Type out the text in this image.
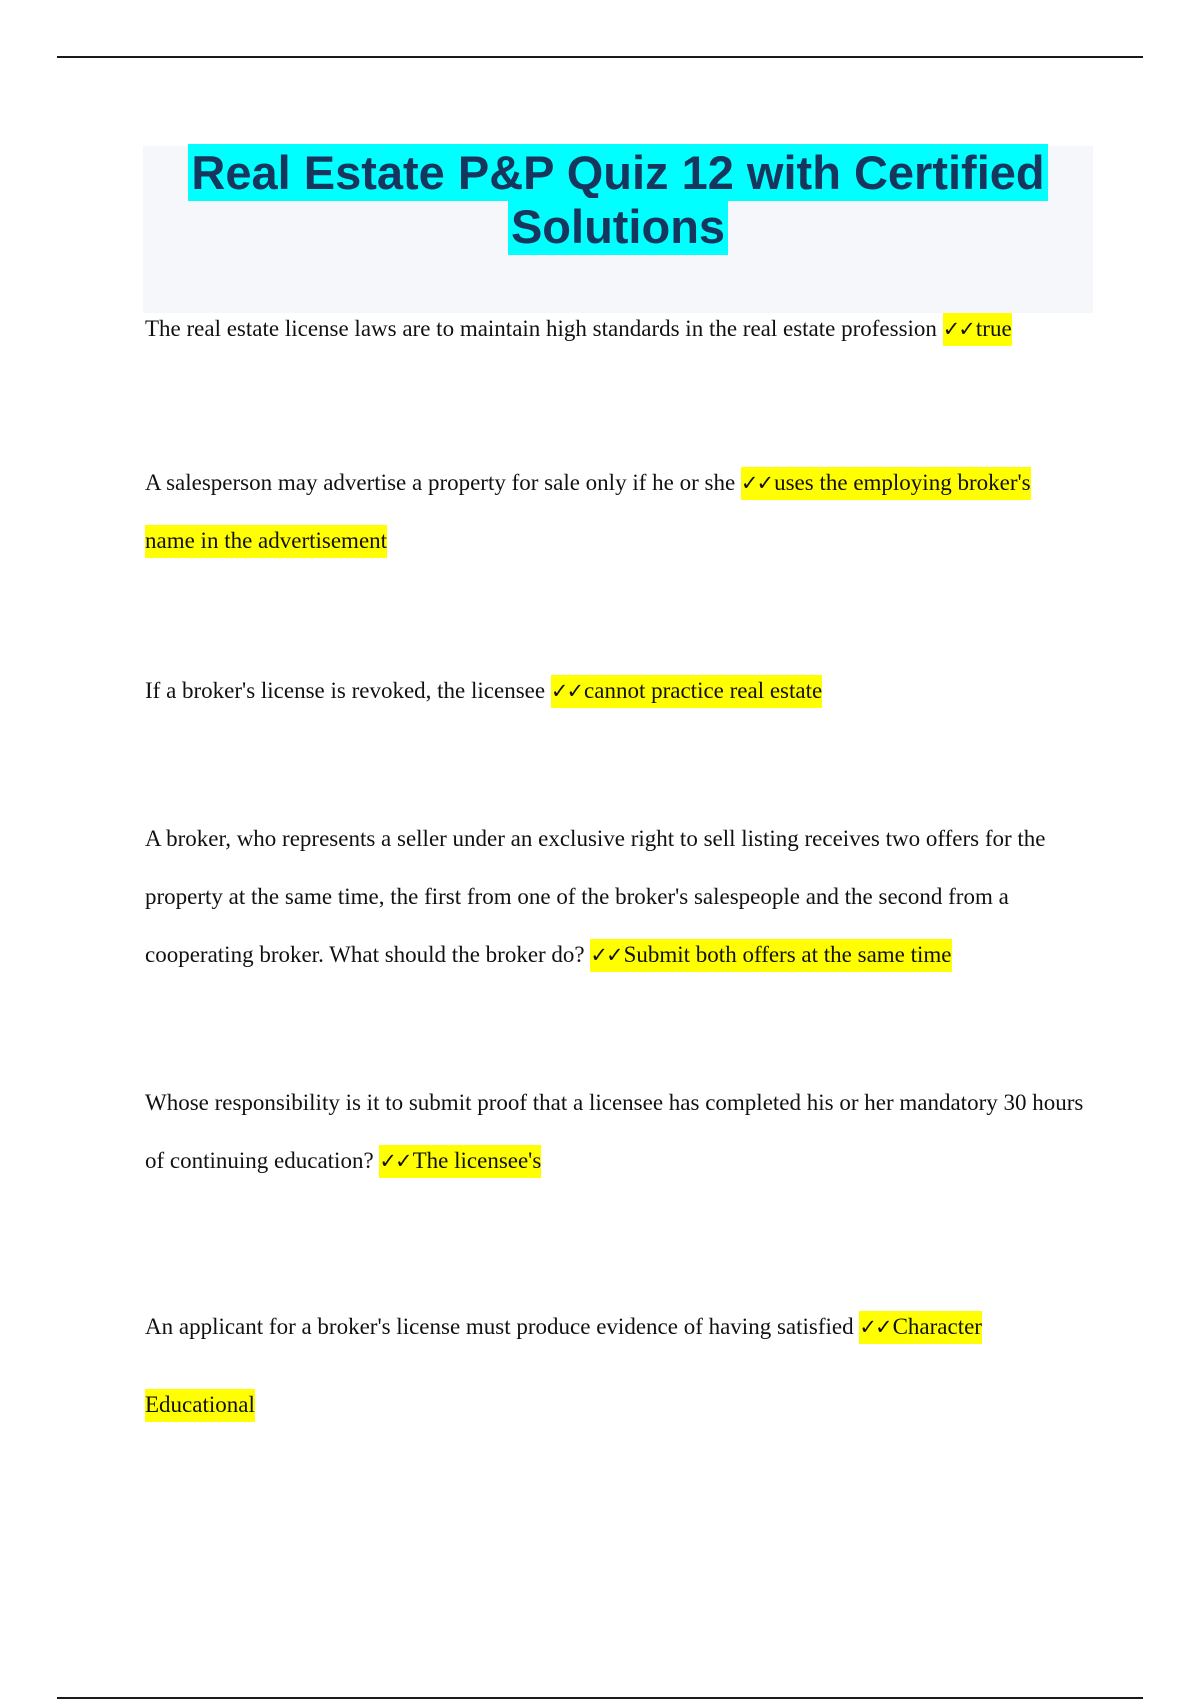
Real Estate P&P Quiz 12 with Certified Solutions

The real estate license laws are to maintain high standards in the real estate profession ✓✓true

A salesperson may advertise a property for sale only if he or she ✓✓uses the employing broker's name in the advertisement

If a broker's license is revoked, the licensee ✓✓cannot practice real estate

A broker, who represents a seller under an exclusive right to sell listing receives two offers for the property at the same time, the first from one of the broker's salespeople and the second from a cooperating broker. What should the broker do? ✓✓Submit both offers at the same time

Whose responsibility is it to submit proof that a licensee has completed his or her mandatory 30 hours of continuing education? ✓✓The licensee's

An applicant for a broker's license must produce evidence of having satisfied ✓✓Character Educational
